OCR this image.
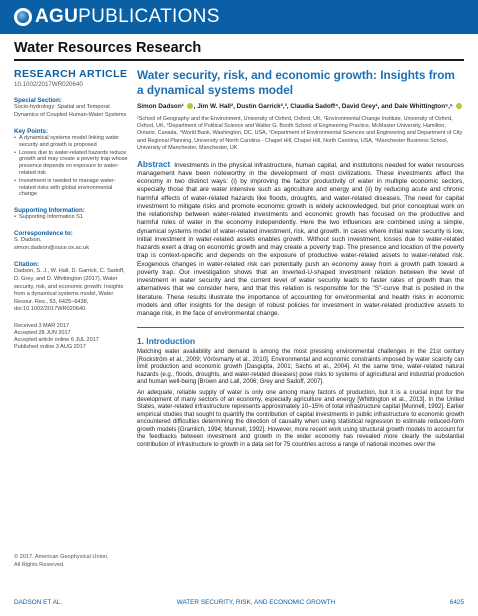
AGU PUBLICATIONS
Water Resources Research
RESEARCH ARTICLE
10.1002/2017WR020640
Special Section:
Socio-hydrology: Spatial and Temporal Dynamics of Coupled Human-Water Systems
Key Points:
• A dynamical systems model linking water security and growth is proposed
• Losses due to water-related hazards reduce growth and may create a poverty trap whose presence depends on exposure to water-related risk
• Investment is needed to manage water-related risks with global environmental change
Supporting Information:
• Supporting Information S1
Correspondence to:
S. Dadson,
simon.dadson@ouce.ox.ac.uk
Citation:
Dadson, S. J., W. Hall, D. Garrick, C. Sadoff, D. Grey, and D. Whittington (2017), Water security, risk, and economic growth: Insights from a dynamical systems model, Water Resour. Res., 53, 6425–6438, doi:10.1002/2017WR020640.
Received 3 MAR 2017
Accepted 28 JUN 2017
Accepted article online 6 JUL 2017
Published online 3 AUG 2017
© 2017. American Geophysical Union. All Rights Reserved.
Water security, risk, and economic growth: Insights from a dynamical systems model
Simon Dadson¹ , Jim W. Hall², Dustin Garrick²,³, Claudia Sadoff⁴, David Grey¹, and Dale Whittington⁵,⁶
¹School of Geography and the Environment, University of Oxford, Oxford, UK, ²Environmental Change Institute, University of Oxford, Oxford, UK, ³Department of Political Science and Walter G. Booth School of Engineering Practice, McMaster University, Hamilton, Ontario, Canada, ⁴World Bank, Washington, DC, USA, ⁵Department of Environmental Sciences and Engineering and Department of City and Regional Planning, University of North Carolina - Chapel Hill, Chapel Hill, North Carolina, USA, ⁶Manchester Business School, University of Manchester, Manchester, UK
Abstract Investments in the physical infrastructure, human capital, and institutions needed for water resources management have been noteworthy in the development of most civilizations. These investments affect the economy in two distinct ways: (i) by improving the factor productivity of water in multiple economic sectors, especially those that are water intensive such as agriculture and energy and (ii) by reducing acute and chronic harmful effects of water-related hazards like floods, droughts, and water-related diseases. The need for capital investment to mitigate risks and promote economic growth is widely acknowledged, but prior conceptual work on the relationship between water-related investments and economic growth has focused on the productive and harmful roles of water in the economy independently. Here the two influences are combined using a simple, dynamical systems model of water-related investment, risk, and growth. In cases where initial water security is low, initial investment in water-related assets enables growth. Without such investment, losses due to water-related hazards exert a drag on economic growth and may create a poverty trap. The presence and location of the poverty trap is context-specific and depends on the exposure of productive water-related assets to water-related risk. Exogenous changes in water-related risk can potentially push an economy away from a growth path toward a poverty trap. Our investigation shows that an inverted-U-shaped investment relation between the level of investment in water security and the current level of water security leads to faster rates of growth than the alternatives that we consider here, and that this relation is responsible for the "S"-curve that is posited in the literature. These results illustrate the importance of accounting for environmental and health risks in economic models and offer insights for the design of robust policies for investment in water-related productive assets to manage risk, in the face of environmental change.
1. Introduction

Matching water availability and demand is among the most pressing environmental challenges in the 21st century [Rockström et al., 2009; Vörösmarty et al., 2010]. Environmental and economic constraints imposed by water scarcity can limit production and economic growth [Dasgupta, 2001; Sachs et al., 2004]. At the same time, water-related natural hazards (e.g., floods, droughts, and water-related diseases) pose risks to systems of agricultural and industrial production and human well-being [Brown and Lall, 2006; Grey and Sadoff, 2007].

An adequate, reliable supply of water is only one among many factors of production, but it is a crucial input for the development of many sectors of an economy, especially agriculture and energy [Whittington et al., 2013]. In the United States, water-related infrastructure represents approximately 10–15% of total infrastructure capital [Munnell, 1992]. Earlier empirical studies that sought to quantify the contribution of capital investments in public infrastructure to economic growth encountered difficulties determining the direction of causality when using statistical regression to estimate reduced-form growth models [Gramlich, 1994; Munnell, 1992]. However, more recent work using structural growth models to account for the feedbacks between investment and growth in the wider economy has revealed more clearly the substantial contribution of infrastructure to growth in a data set for 75 countries across a range of national incomes over the

DADSON ET AL.	WATER SECURITY, RISK, AND ECONOMIC GROWTH	6425
